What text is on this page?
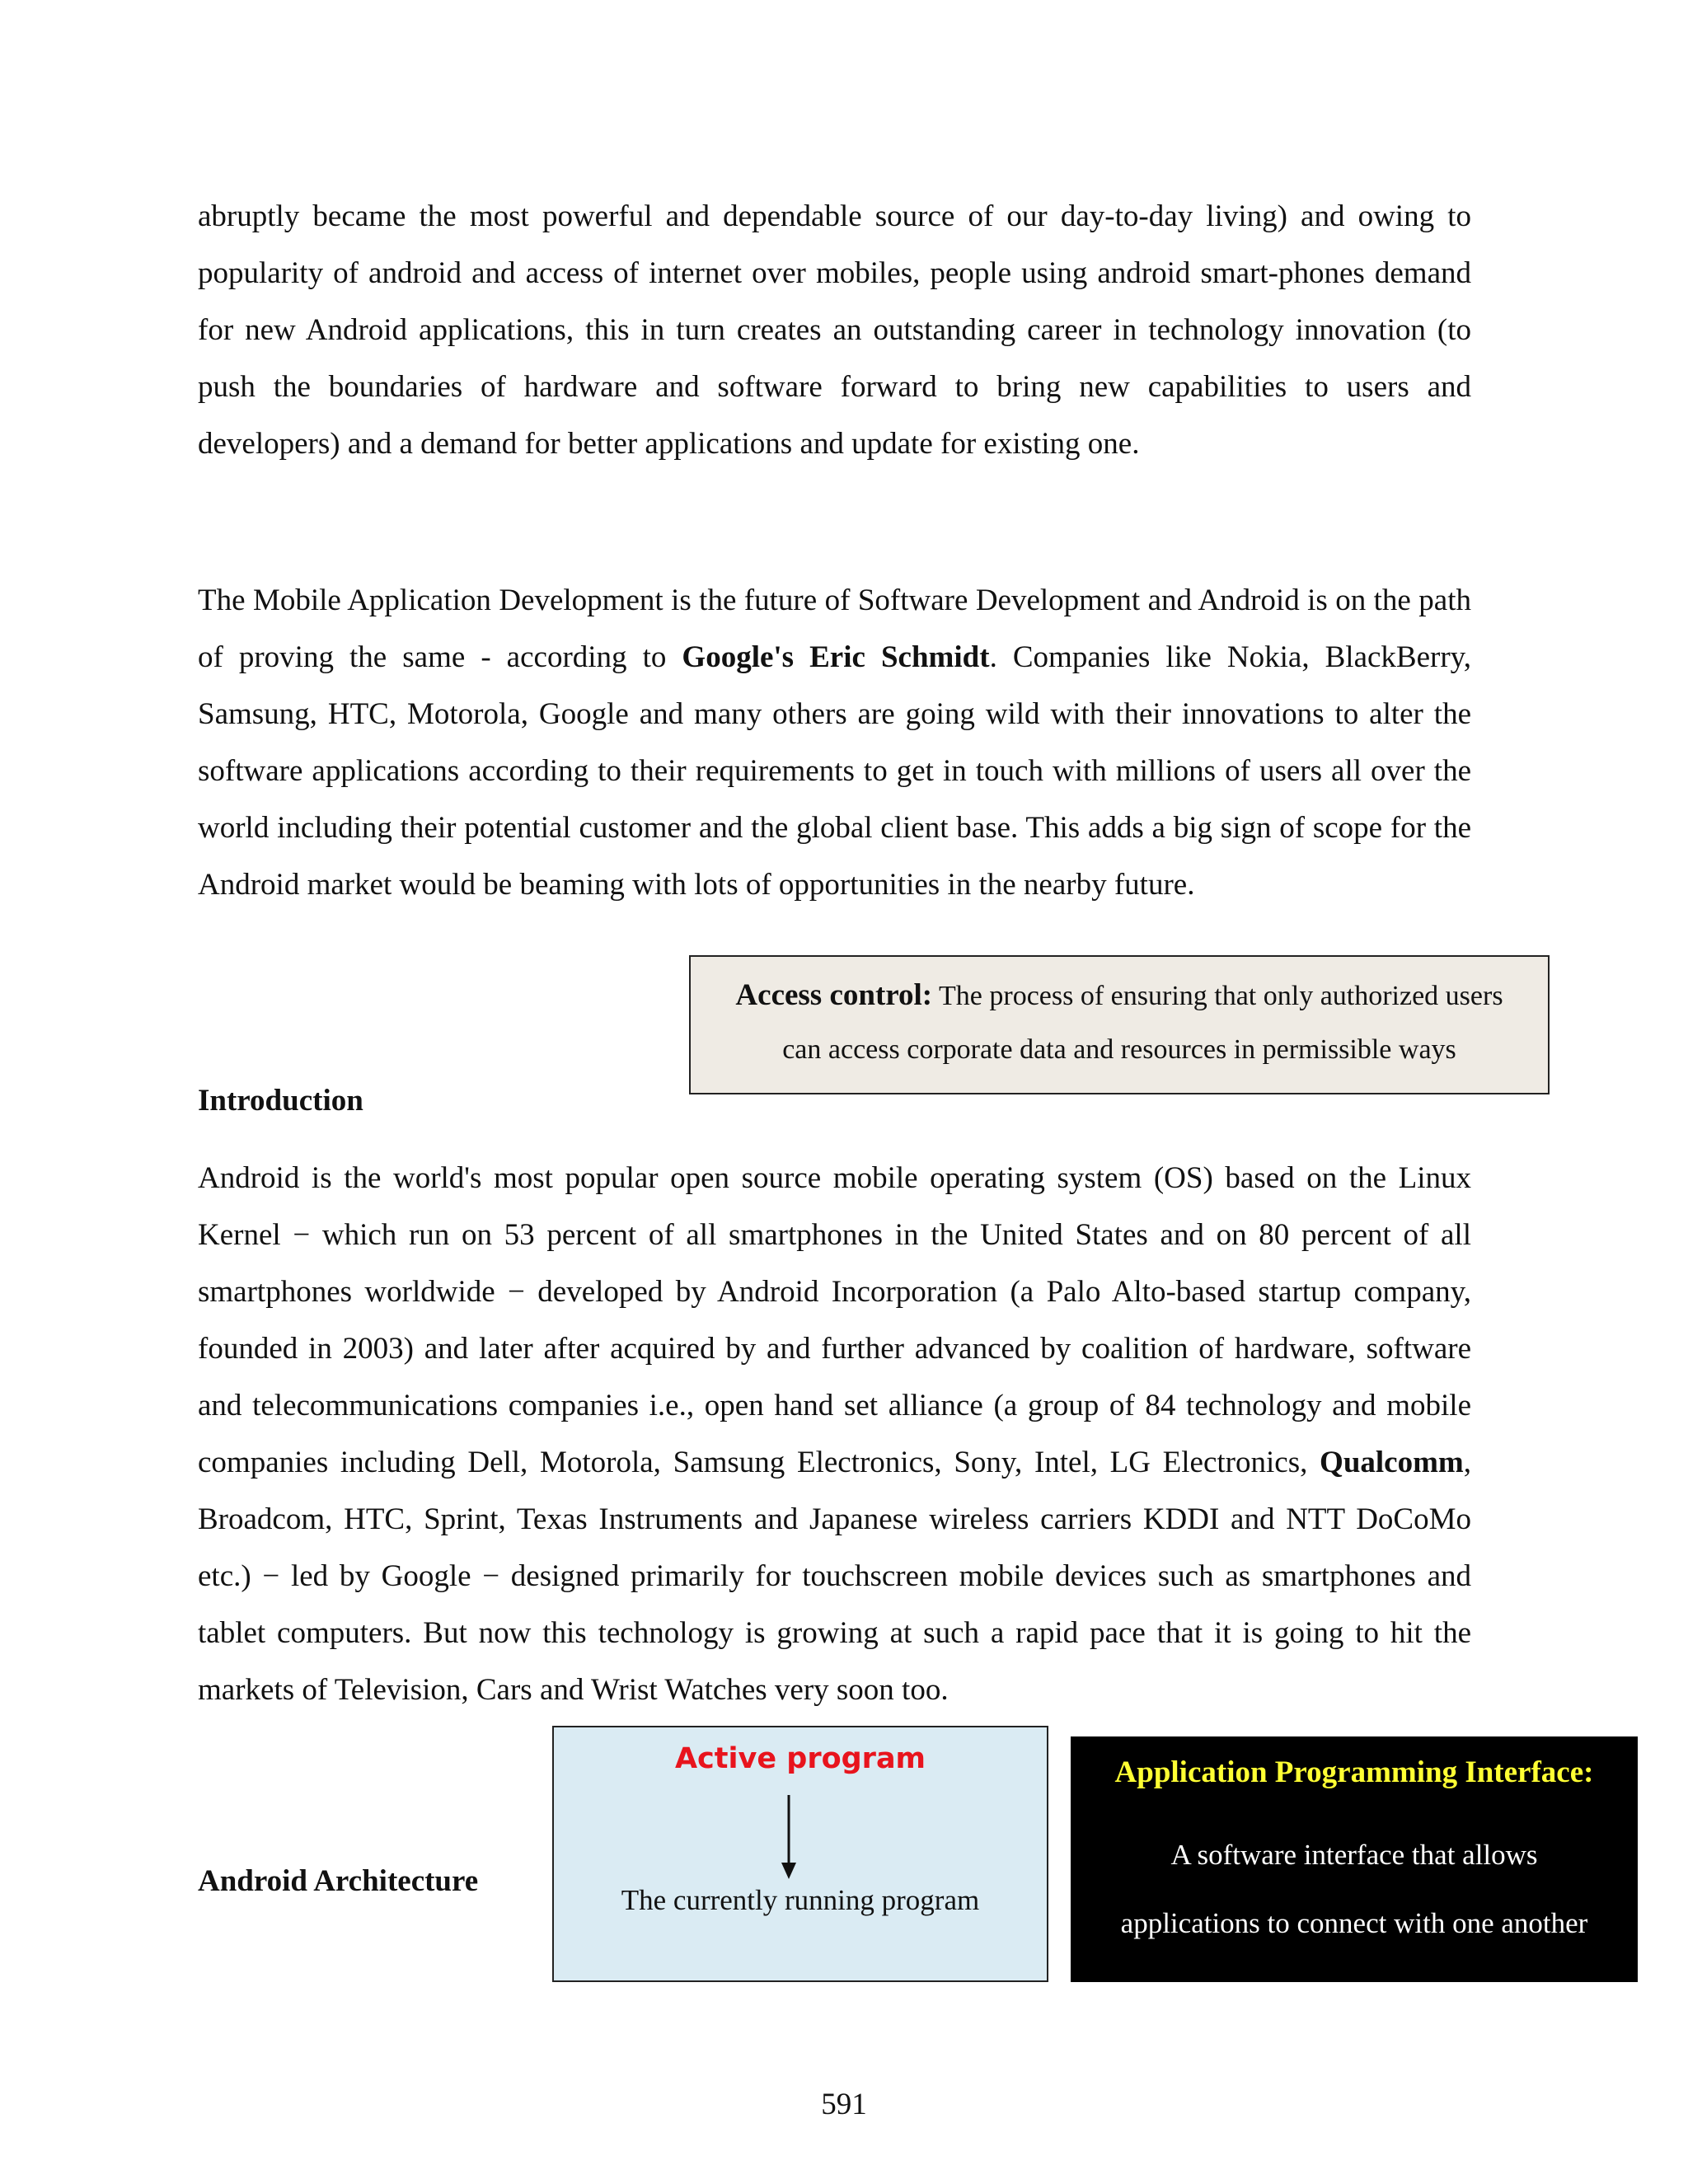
abruptly became the most powerful and dependable source of our day-to-day living) and owing to popularity of android and access of internet over mobiles, people using android smart-phones demand for new Android applications, this in turn creates an outstanding career in technology innovation (to push the boundaries of hardware and software forward to bring new capabilities to users and developers) and a demand for better applications and update for existing one.

The Mobile Application Development is the future of Software Development and Android is on the path of proving the same - according to Google's Eric Schmidt. Companies like Nokia, BlackBerry, Samsung, HTC, Motorola, Google and many others are going wild with their innovations to alter the software applications according to their requirements to get in touch with millions of users all over the world including their potential customer and the global client base. This adds a big sign of scope for the Android market would be beaming with lots of opportunities in the nearby future.

Access control: The process of ensuring that only authorized users can access corporate data and resources in permissible ways
Introduction

Android is the world's most popular open source mobile operating system (OS) based on the Linux Kernel − which run on 53 percent of all smartphones in the United States and on 80 percent of all smartphones worldwide − developed by Android Incorporation (a Palo Alto-based startup company, founded in 2003) and later after acquired by and further advanced by coalition of hardware, software and telecommunications companies i.e., open hand set alliance (a group of 84 technology and mobile companies including Dell, Motorola, Samsung Electronics, Sony, Intel, LG Electronics, Qualcomm, Broadcom, HTC, Sprint, Texas Instruments and Japanese wireless carriers KDDI and NTT DoCoMo etc.) − led by Google − designed primarily for touchscreen mobile devices such as smartphones and tablet computers. But now this technology is growing at such a rapid pace that it is going to hit the markets of Television, Cars and Wrist Watches very soon too.

Android Architecture
Active program
The currently running program
Application Programming Interface:
A software interface that allows applications to connect with one another
591
